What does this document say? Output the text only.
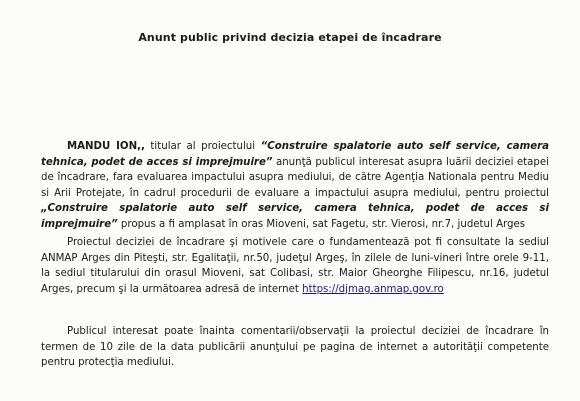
Anunt public privind decizia etapei de încadrare

MANDU ION,, titular al proiectului “Construire spalatorie auto self service, camera tehnica, podet de acces si imprejmuire” anunţă publicul interesat asupra luării deciziei etapei de încadrare, fara evaluarea impactului asupra mediului, de către Agenţia Nationala pentru Mediu si Arii Protejate, în cadrul procedurii de evaluare a impactului asupra mediului, pentru proiectul „Construire spalatorie auto self service, camera tehnica, podet de acces si imprejmuire” propus a fi amplasat în oras Mioveni, sat Fagetu, str. Vierosi, nr.7, judetul Arges

Proiectul deciziei de încadrare şi motivele care o fundamentează pot fi consultate la sediul ANMAP Arges din Piteşti, str. Egalitaţii, nr.50, judeţul Argeş, în zilele de luni-vineri între orele 9-11, la sediul titularului din orasul Mioveni, sat Colibasi, str. Maior Gheorghe Filipescu, nr.16, judetul Arges, precum şi la următoarea adresă de internet https://djmag.anmap.gov.ro

Publicul interesat poate înainta comentarii/observaţii la proiectul deciziei de încadrare în termen de 10 zile de la data publicării anunţului pe pagina de internet a autorităţii competente pentru protecţia mediului.
